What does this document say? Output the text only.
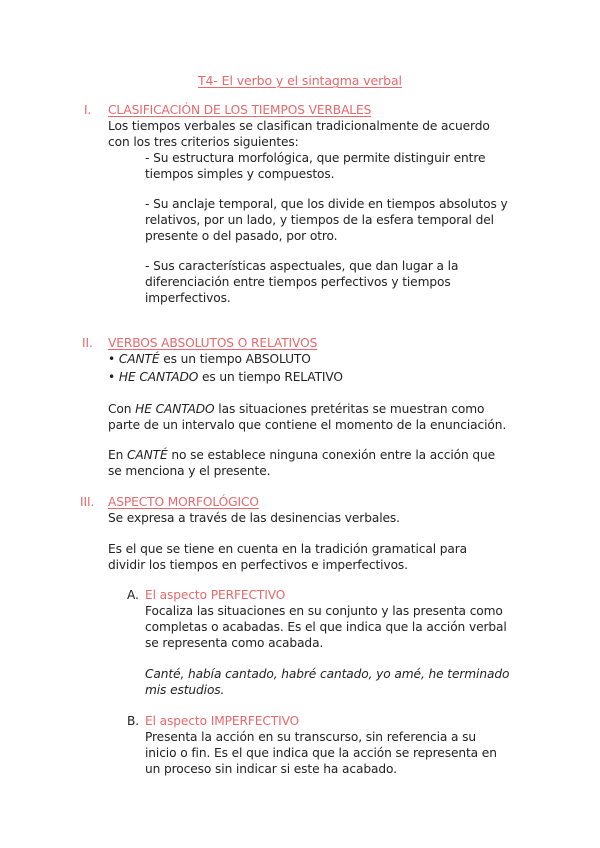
T4- El verbo y el sintagma verbal
I. CLASIFICACIÓN DE LOS TIEMPOS VERBALES
Los tiempos verbales se clasifican tradicionalmente de acuerdo
con los tres criterios siguientes:
- Su estructura morfológica, que permite distinguir entre
tiempos simples y compuestos.
- Su anclaje temporal, que los divide en tiempos absolutos y
relativos, por un lado, y tiempos de la esfera temporal del
presente o del pasado, por otro.
- Sus características aspectuales, que dan lugar a la
diferenciación entre tiempos perfectivos y tiempos
imperfectivos.
II. VERBOS ABSOLUTOS O RELATIVOS
• CANTÉ es un tiempo ABSOLUTO
• HE CANTADO es un tiempo RELATIVO
Con HE CANTADO las situaciones pretéritas se muestran como
parte de un intervalo que contiene el momento de la enunciación.
En CANTÉ no se establece ninguna conexión entre la acción que
se menciona y el presente.
III. ASPECTO MORFOLÓGICO
Se expresa a través de las desinencias verbales.
Es el que se tiene en cuenta en la tradición gramatical para
dividir los tiempos en perfectivos e imperfectivos.
A. El aspecto PERFECTIVO
Focaliza las situaciones en su conjunto y las presenta como
completas o acabadas. Es el que indica que la acción verbal
se representa como acabada.
Canté, había cantado, habré cantado, yo amé, he terminado
mis estudios.
B. El aspecto IMPERFECTIVO
Presenta la acción en su transcurso, sin referencia a su
inicio o fin. Es el que indica que la acción se representa en
un proceso sin indicar si este ha acabado.
